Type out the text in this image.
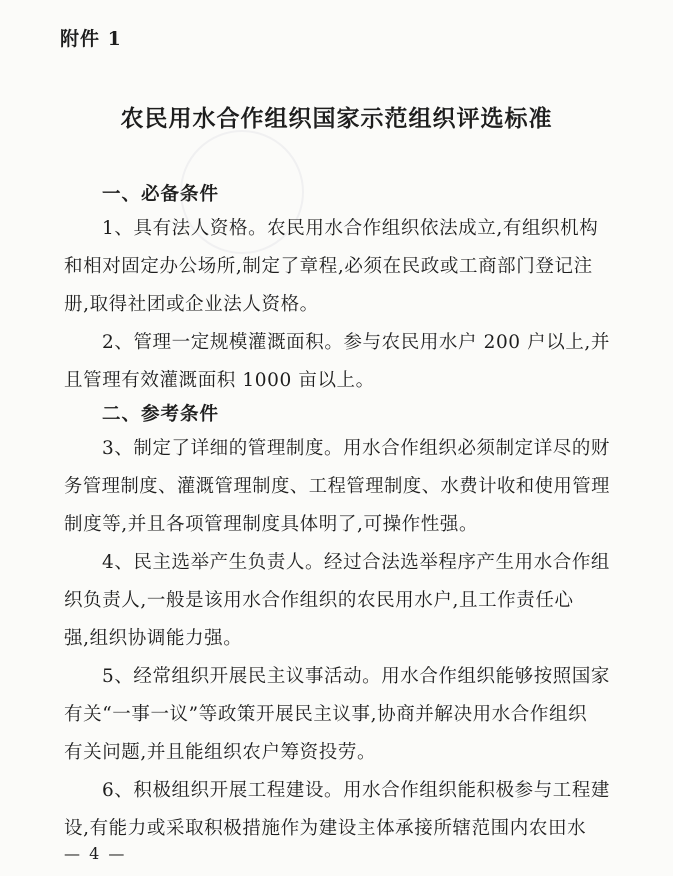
附件 1
农民用水合作组织国家示范组织评选标准
一、必备条件
1、具有法人资格。农民用水合作组织依法成立,有组织机构
和相对固定办公场所,制定了章程,必须在民政或工商部门登记注
册,取得社团或企业法人资格。
2、管理一定规模灌溉面积。参与农民用水户 200 户以上,并
且管理有效灌溉面积 1000 亩以上。
二、参考条件
3、制定了详细的管理制度。用水合作组织必须制定详尽的财
务管理制度、灌溉管理制度、工程管理制度、水费计收和使用管理
制度等,并且各项管理制度具体明了,可操作性强。
4、民主选举产生负责人。经过合法选举程序产生用水合作组
织负责人,一般是该用水合作组织的农民用水户,且工作责任心
强,组织协调能力强。
5、经常组织开展民主议事活动。用水合作组织能够按照国家
有关“一事一议”等政策开展民主议事,协商并解决用水合作组织
有关问题,并且能组织农户筹资投劳。
6、积极组织开展工程建设。用水合作组织能积极参与工程建
设,有能力或采取积极措施作为建设主体承接所辖范围内农田水
— 4 —
